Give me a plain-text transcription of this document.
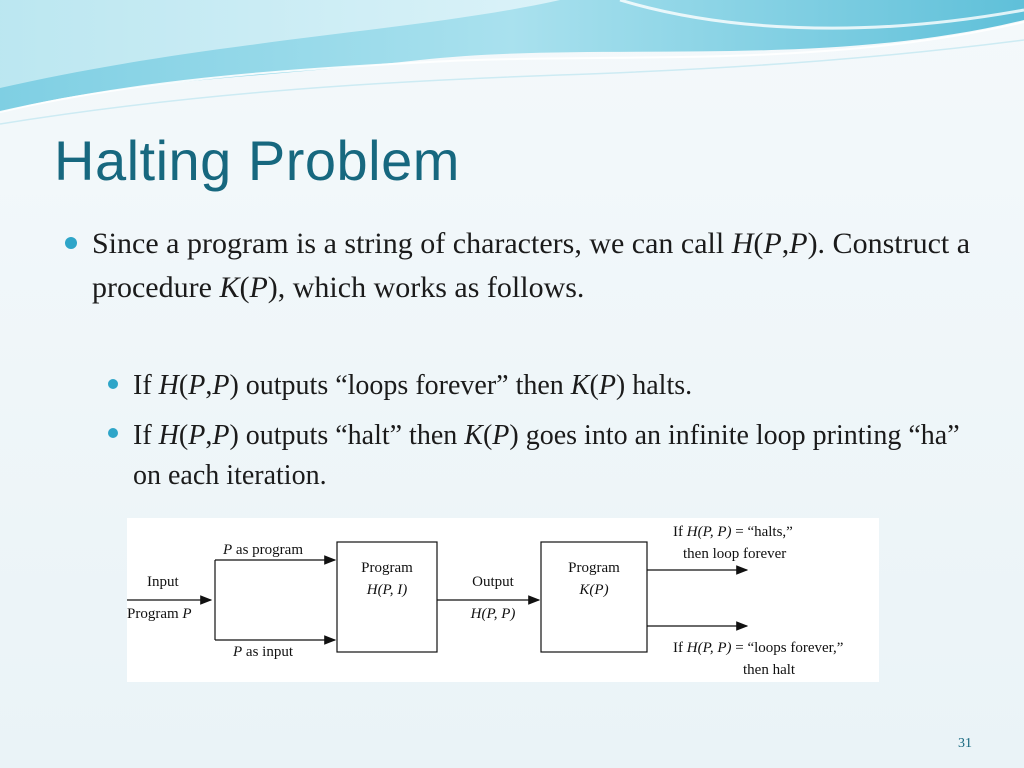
Halting Problem
Since a program is a string of characters, we can call H(P,P). Construct a procedure K(P), which works as follows.
If H(P,P) outputs “loops forever” then K(P) halts.
If H(P,P) outputs “halt” then K(P) goes into an infinite loop printing “ha” on each iteration.
Input
Program P
P as program
P as input
Program
H(P, I)	Output
H(P, P)
Program
K(P)
If H(P, P) = “halts,”
then loop forever
If H(P, P) = “loops forever,”
then halt
31
